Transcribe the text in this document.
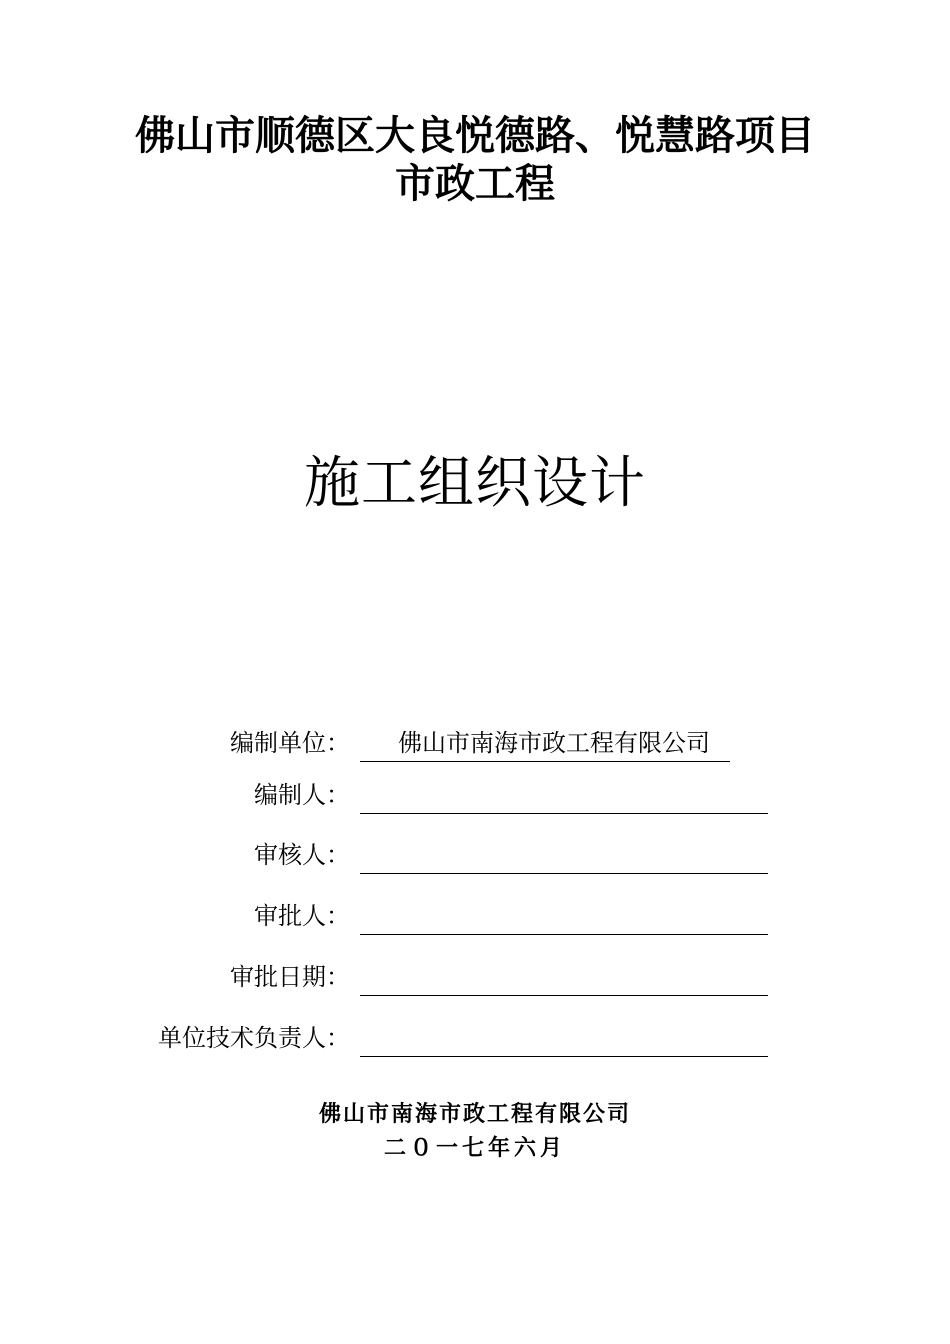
佛山市顺德区大良悦德路、悦慧路项目
市政工程
施工组织设计
编制单位： 佛山市南海市政工程有限公司
编制人：
审核人：
审批人：
审批日期：
单位技术负责人：
佛山市南海市政工程有限公司
二０一七年六月
